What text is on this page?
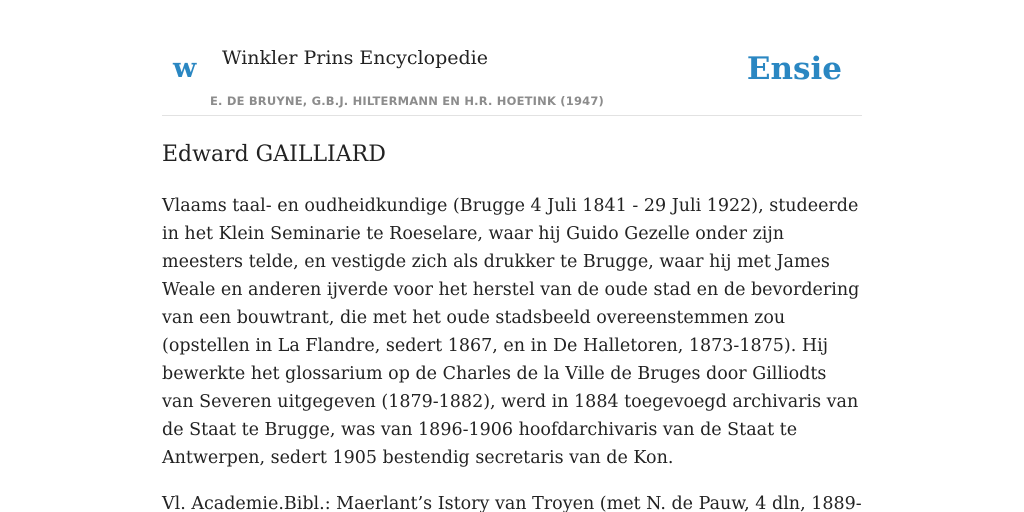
w Winkler Prins Encyclopedie
E. DE BRUYNE, G.B.J. HILTERMANN EN H.R. HOETINK (1947)
Ensie
Edward GAILLIARD

Vlaams taal- en oudheidkundige (Brugge 4 Juli 1841 - 29 Juli 1922), studeerde in het Klein Seminarie te Roeselare, waar hij Guido Gezelle onder zijn meesters telde, en vestigde zich als drukker te Brugge, waar hij met James Weale en anderen ijverde voor het herstel van de oude stad en de bevordering van een bouwtrant, die met het oude stadsbeeld overeenstemmen zou (opstellen in La Flandre, sedert 1867, en in De Halletoren, 1873-1875). Hij bewerkte het glossarium op de Charles de la Ville de Bruges door Gilliodts van Severen uitgegeven (1879-1882), werd in 1884 toegevoegd archivaris van de Staat te Brugge, was van 1896-1906 hoofdarchivaris van de Staat te Antwerpen, sedert 1905 bestendig secretaris van de Kon.

Vl. Academie.Bibl.: Maerlant’s Istory van Troyen (met N. de Pauw, 4 dln, 1889-
